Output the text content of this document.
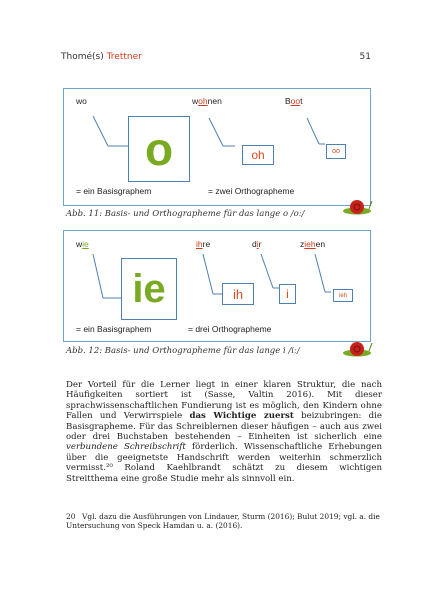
Thomé(s) Trettner	51
wo	wohnen	Boot
o	oh	oo
= ein Basisgraphem	= zwei Orthographeme
Abb. 11: Basis- und Orthographeme für das lange o /oː/
wie	ihre	dir	ziehen
ie	ih	i	ieh
= ein Basisgraphem	= drei Orthographeme
Abb. 12: Basis- und Orthographeme für das lange i /iː/

Der Vorteil für die Lerner liegt in einer klaren Struktur, die nach Häufigkeiten sortiert ist (Sasse, Valtin 2016). Mit dieser sprachwissenschaftlichen Fundierung ist es möglich, den Kindern ohne Fallen und Verwirrspiele das Wichtige zuerst beizubringen: die Basisgrapheme. Für das Schreiblernen dieser häufigen – auch aus zwei oder drei Buchstaben bestehenden – Einheiten ist sicherlich eine verbundene Schreibschrift förderlich. Wissenschaftliche Erhebungen über die geeignetste Handschrift werden weiterhin schmerzlich vermisst.²⁰ Roland Kaehlbrandt schätzt zu diesem wichtigen Streitthema eine große Studie mehr als sinnvoll ein.

20 Vgl. dazu die Ausführungen von Lindauer, Sturm (2016); Bulut 2019; vgl. a. die Untersuchung von Speck Hamdan u. a. (2016).
